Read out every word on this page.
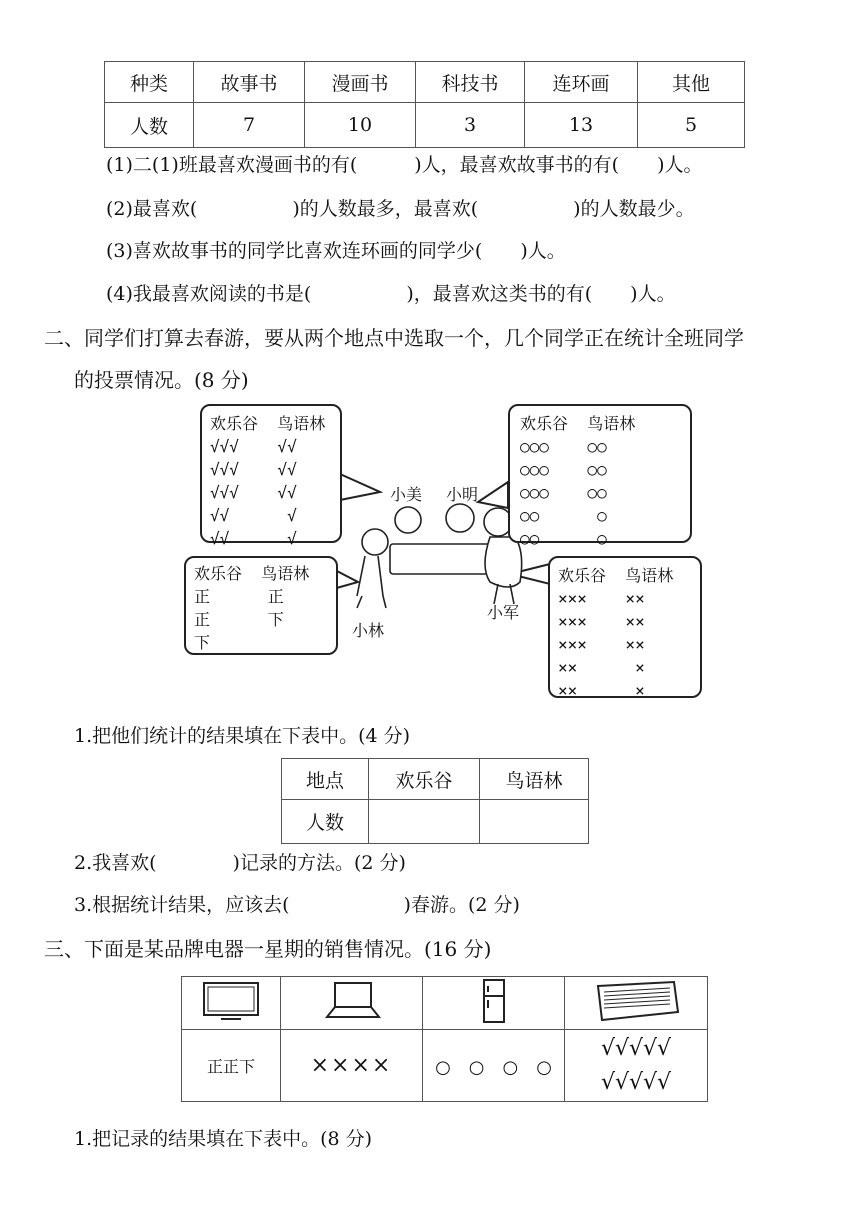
种类	故事书	漫画书	科技书	连环画	其他
人数	7	10	3	13	5
(1)二(1)班最喜欢漫画书的有(　　　)人，最喜欢故事书的有(　　)人。
(2)最喜欢(　　　　　)的人数最多，最喜欢(　　　　　)的人数最少。
(3)喜欢故事书的同学比喜欢连环画的同学少(　　)人。
(4)我最喜欢阅读的书是(　　　　　)，最喜欢这类书的有(　　)人。
二、同学们打算去春游，要从两个地点中选取一个，几个同学正在统计全班同学
的投票情况。(8 分)
欢乐谷  鸟语林
√√√    √√
√√√    √√
√√√    √√
√√      √
√√      √
欢乐谷  鸟语林
○○○    ○○
○○○    ○○
○○○    ○○
○○      ○
○○      ○
欢乐谷  鸟语林
正      正
正      下
下
欢乐谷  鸟语林
×××    ××
×××    ××
×××    ××
××      ×
××      ×
小美 小明
小林
小军
1.把他们统计的结果填在下表中。(4 分)
地点	欢乐谷	鸟语林
人数		
2.我喜欢(　　　　)记录的方法。(2 分)
3.根据统计结果，应该去(　　　　　　)春游。(2 分)
三、下面是某品牌电器一星期的销售情况。(16 分)

正正下	××××	○　○　○　○	√√√√√
√√√√√
1.把记录的结果填在下表中。(8 分)
